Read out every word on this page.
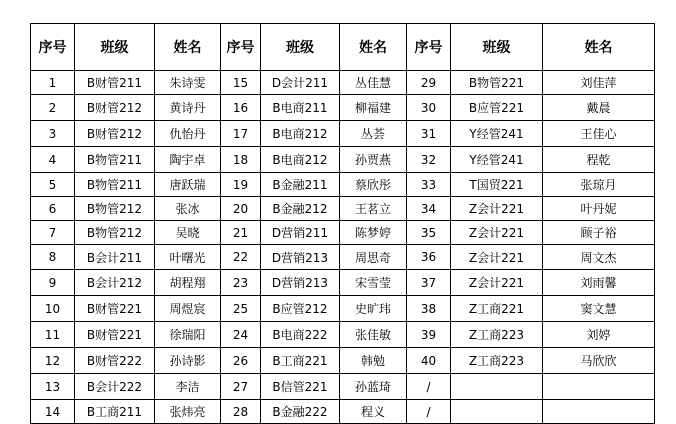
序号	班级	姓名	序号	班级	姓名	序号	班级	姓名
1	B财管211	朱诗雯	15	D会计211	丛佳慧	29	B物管221	刘佳萍
2	B财管212	黄诗丹	16	B电商211	柳福建	30	B应管221	戴晨
3	B财管212	仇怡丹	17	B电商212	丛荟	31	Y经管241	王佳心
4	B物管211	陶宇卓	18	B电商212	孙贾燕	32	Y经管241	程乾
5	B物管211	唐跃瑞	19	B金融211	蔡欣彤	33	T国贸221	张琼月
6	B物管212	张冰	20	B金融212	王茗立	34	Z会计221	叶丹妮
7	B物管212	吴晓	21	D营销211	陈梦婷	35	Z会计221	顾子裕
8	B会计211	叶曙光	22	D营销213	周思奇	36	Z会计221	周文杰
9	B会计212	胡程翔	23	D营销213	宋雪莹	37	Z会计221	刘雨馨
10	B财管221	周煜宸	25	B应管212	史旷玮	38	Z工商221	窦文慧
11	B财管221	徐瑞阳	24	B电商222	张佳敏	39	Z工商223	刘婷
12	B财管222	孙诗影	26	B工商221	韩勉	40	Z工商223	马欣欣
13	B会计222	李洁	27	B信管221	孙蓝琦	/		
14	B工商211	张炜亮	28	B金融222	程义	/		
